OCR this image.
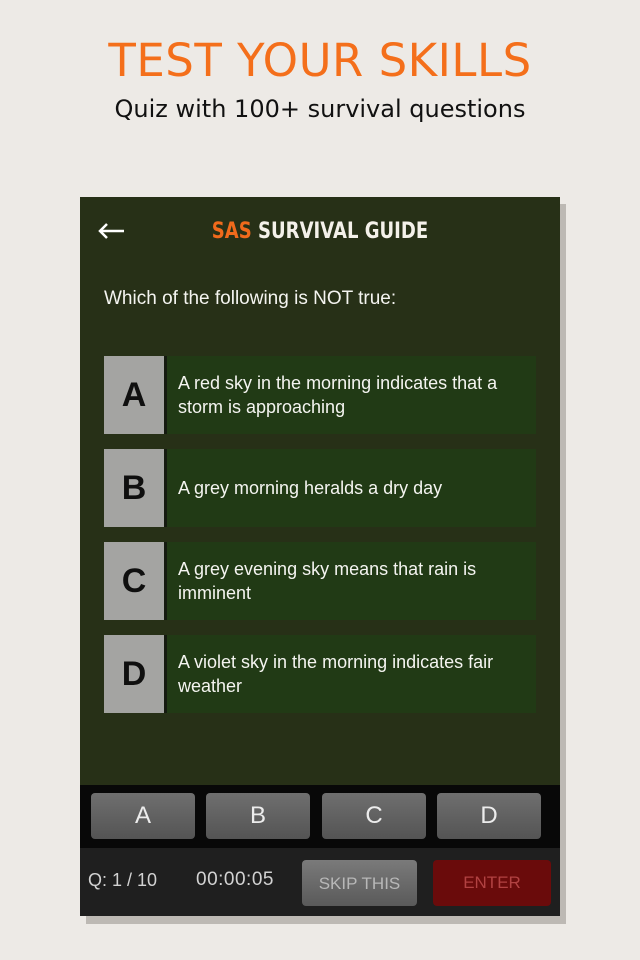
TEST YOUR SKILLS
Quiz with 100+ survival questions
SAS SURVIVAL GUIDE
Which of the following is NOT true:
A	A red sky in the morning indicates that a storm is approaching
B	A grey morning heralds a dry day
C	A grey evening sky means that rain is imminent
D	A violet sky in the morning indicates fair weather
A	B	C	D
Q: 1 / 10 00:00:05	SKIP THIS	ENTER
